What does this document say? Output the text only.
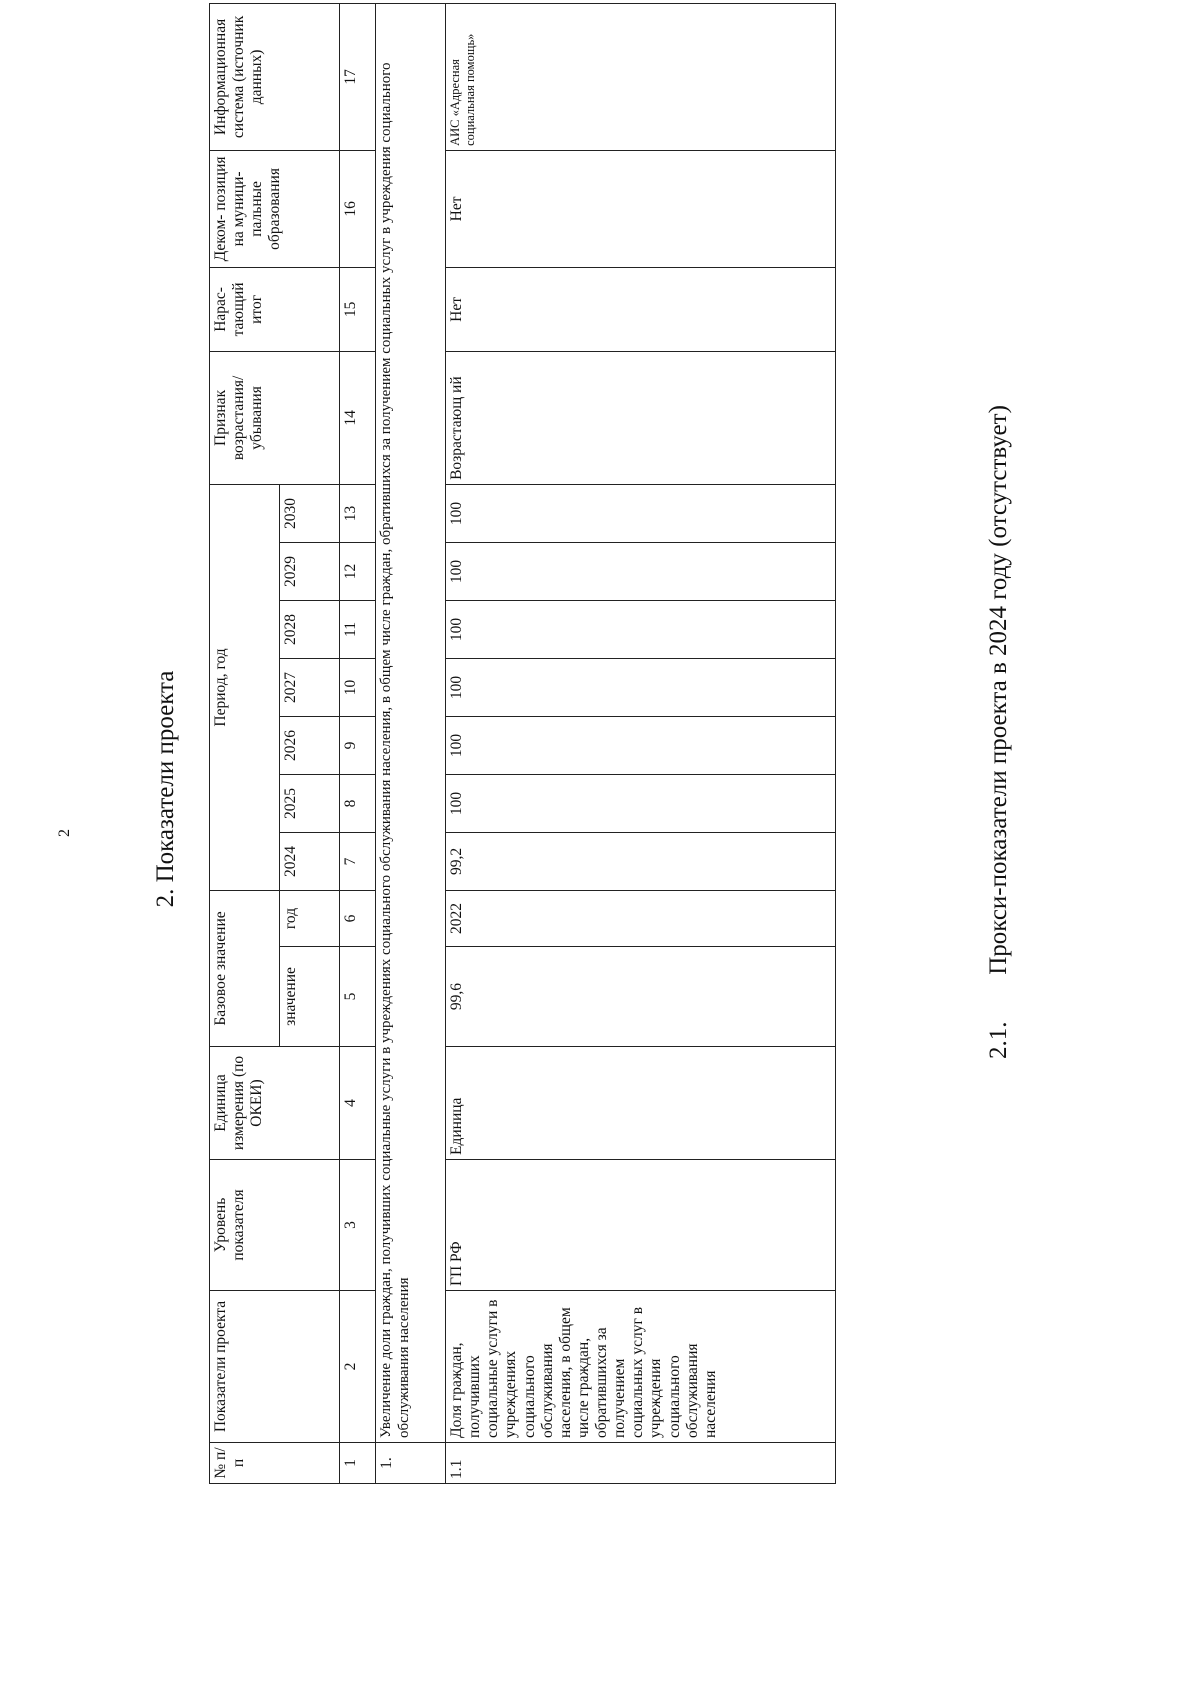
2	2. Показатели проекта
№ п/п	Показатели проекта	Уровень показателя	Единица измерения (по ОКЕИ)	Базовое значение		Период, год							Признак возрастания/ убывания	Нарас- тающий итог	Деком- позиция на муници- пальные образования	Информационная система (источник данных)
				значение	год	2024	2025	2026	2027	2028	2029	2030				
1	2	3	4	5	6	7	8	9	10	11	12	13	14	15	16	17
1.	Увеличение доли граждан, получивших социальные услуги в учреждениях социального обслуживания населения, в общем числе граждан, обратившихся за получением социальных услуг в учреждения социального обслуживания населения															
1.1	Доля граждан, получивших социальные услуги в учреждениях социального обслуживания населения, в общем числе граждан, обратившихся за получением социальных услуг в учреждения социального обслуживания населения	ГП РФ	Единица	99,6	2022	99,2	100	100	100	100	100	100	Возрастающ ий	Нет	Нет	АИС «Адресная социальная помощь»
2.1. Прокси-показатели проекта в 2024 году (отсутствует)
